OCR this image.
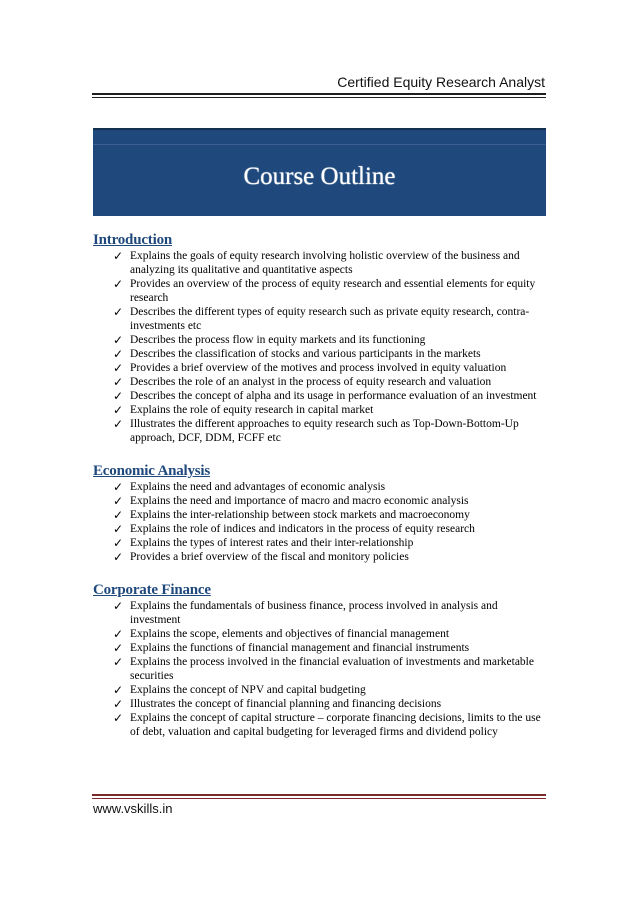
Certified Equity Research Analyst
Course Outline
Introduction
✓ Explains the goals of equity research involving holistic overview of the business and analyzing its qualitative and quantitative aspects
✓ Provides an overview of the process of equity research and essential elements for equity research
✓ Describes the different types of equity research such as private equity research, contra-investments etc
✓ Describes the process flow in equity markets and its functioning
✓ Describes the classification of stocks and various participants in the markets
✓ Provides a brief overview of the motives and process involved in equity valuation
✓ Describes the role of an analyst in the process of equity research and valuation
✓ Describes the concept of alpha and its usage in performance evaluation of an investment
✓ Explains the role of equity research in capital market
✓ Illustrates the different approaches to equity research such as Top-Down-Bottom-Up approach, DCF, DDM, FCFF etc
Economic Analysis
✓ Explains the need and advantages of economic analysis
✓ Explains the need and importance of macro and macro economic analysis
✓ Explains the inter-relationship between stock markets and macroeconomy
✓ Explains the role of indices and indicators in the process of equity research
✓ Explains the types of interest rates and their inter-relationship
✓ Provides a brief overview of the fiscal and monitory policies
Corporate Finance
✓ Explains the fundamentals of business finance, process involved in analysis and investment
✓ Explains the scope, elements and objectives of financial management
✓ Explains the functions of financial management and financial instruments
✓ Explains the process involved in the financial evaluation of investments and marketable securities
✓ Explains the concept of NPV and capital budgeting
✓ Illustrates the concept of financial planning and financing decisions
✓ Explains the concept of capital structure – corporate financing decisions, limits to the use of debt, valuation and capital budgeting for leveraged firms and dividend policy
www.vskills.in
